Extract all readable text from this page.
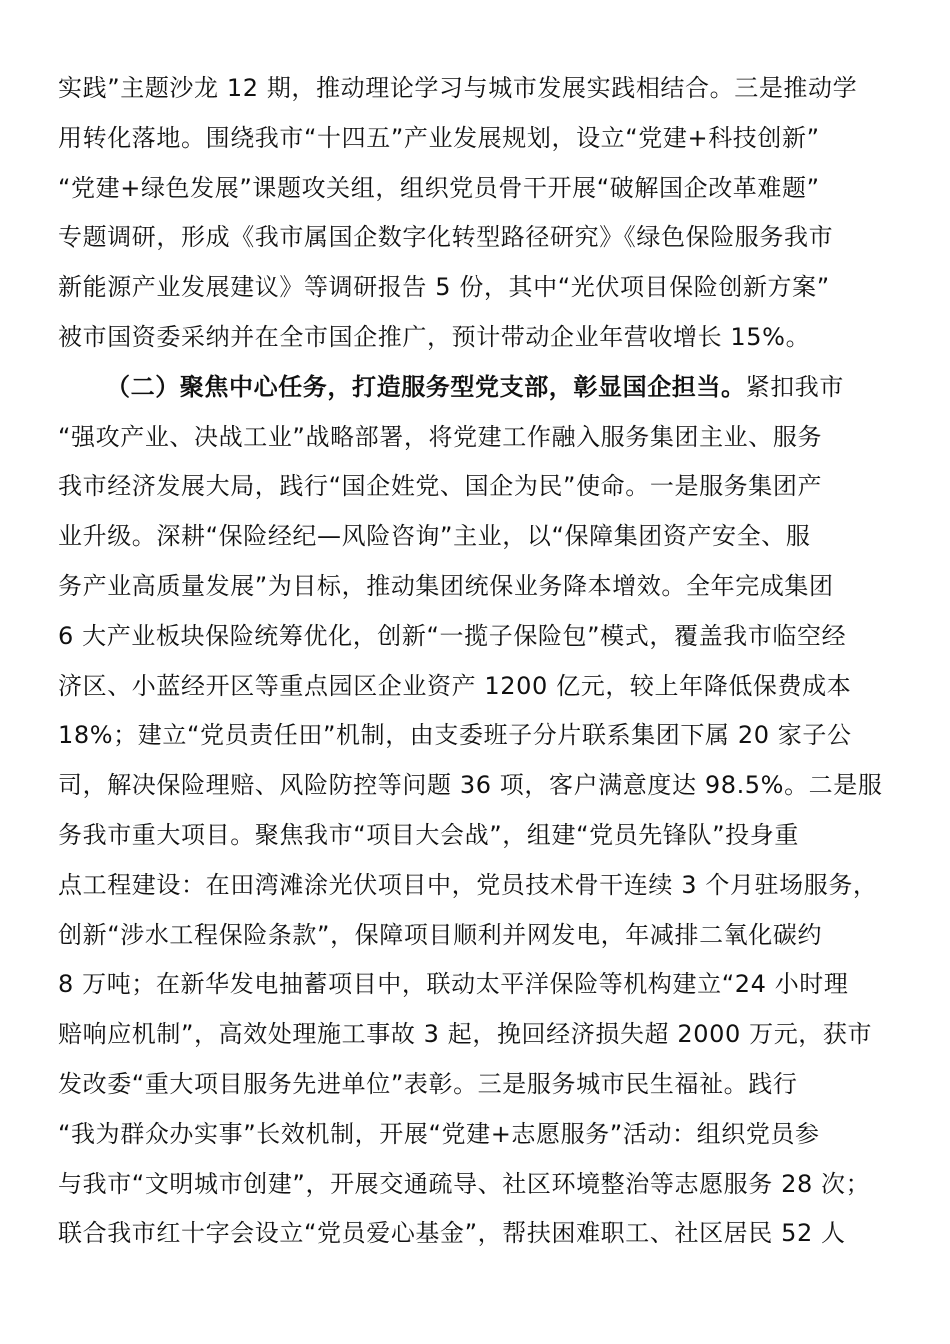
实践”主题沙龙 12 期，推动理论学习与城市发展实践相结合。三是推动学
用转化落地。围绕我市“十四五”产业发展规划，设立“党建+科技创新”
“党建+绿色发展”课题攻关组，组织党员骨干开展“破解国企改革难题”
专题调研，形成《我市属国企数字化转型路径研究》《绿色保险服务我市
新能源产业发展建议》等调研报告 5 份，其中“光伏项目保险创新方案”
被市国资委采纳并在全市国企推广，预计带动企业年营收增长 15%。
（二）聚焦中心任务，打造服务型党支部，彰显国企担当。紧扣我市
“强攻产业、决战工业”战略部署，将党建工作融入服务集团主业、服务
我市经济发展大局，践行“国企姓党、国企为民”使命。一是服务集团产
业升级。深耕“保险经纪—风险咨询”主业，以“保障集团资产安全、服
务产业高质量发展”为目标，推动集团统保业务降本增效。全年完成集团
6 大产业板块保险统筹优化，创新“一揽子保险包”模式，覆盖我市临空经
济区、小蓝经开区等重点园区企业资产 1200 亿元，较上年降低保费成本
18%；建立“党员责任田”机制，由支委班子分片联系集团下属 20 家子公
司，解决保险理赔、风险防控等问题 36 项，客户满意度达 98.5%。二是服
务我市重大项目。聚焦我市“项目大会战”，组建“党员先锋队”投身重
点工程建设：在田湾滩涂光伏项目中，党员技术骨干连续 3 个月驻场服务，
创新“涉水工程保险条款”，保障项目顺利并网发电，年减排二氧化碳约
8 万吨；在新华发电抽蓄项目中，联动太平洋保险等机构建立“24 小时理
赔响应机制”，高效处理施工事故 3 起，挽回经济损失超 2000 万元，获市
发改委“重大项目服务先进单位”表彰。三是服务城市民生福祉。践行
“我为群众办实事”长效机制，开展“党建+志愿服务”活动：组织党员参
与我市“文明城市创建”，开展交通疏导、社区环境整治等志愿服务 28 次；
联合我市红十字会设立“党员爱心基金”，帮扶困难职工、社区居民 52 人
